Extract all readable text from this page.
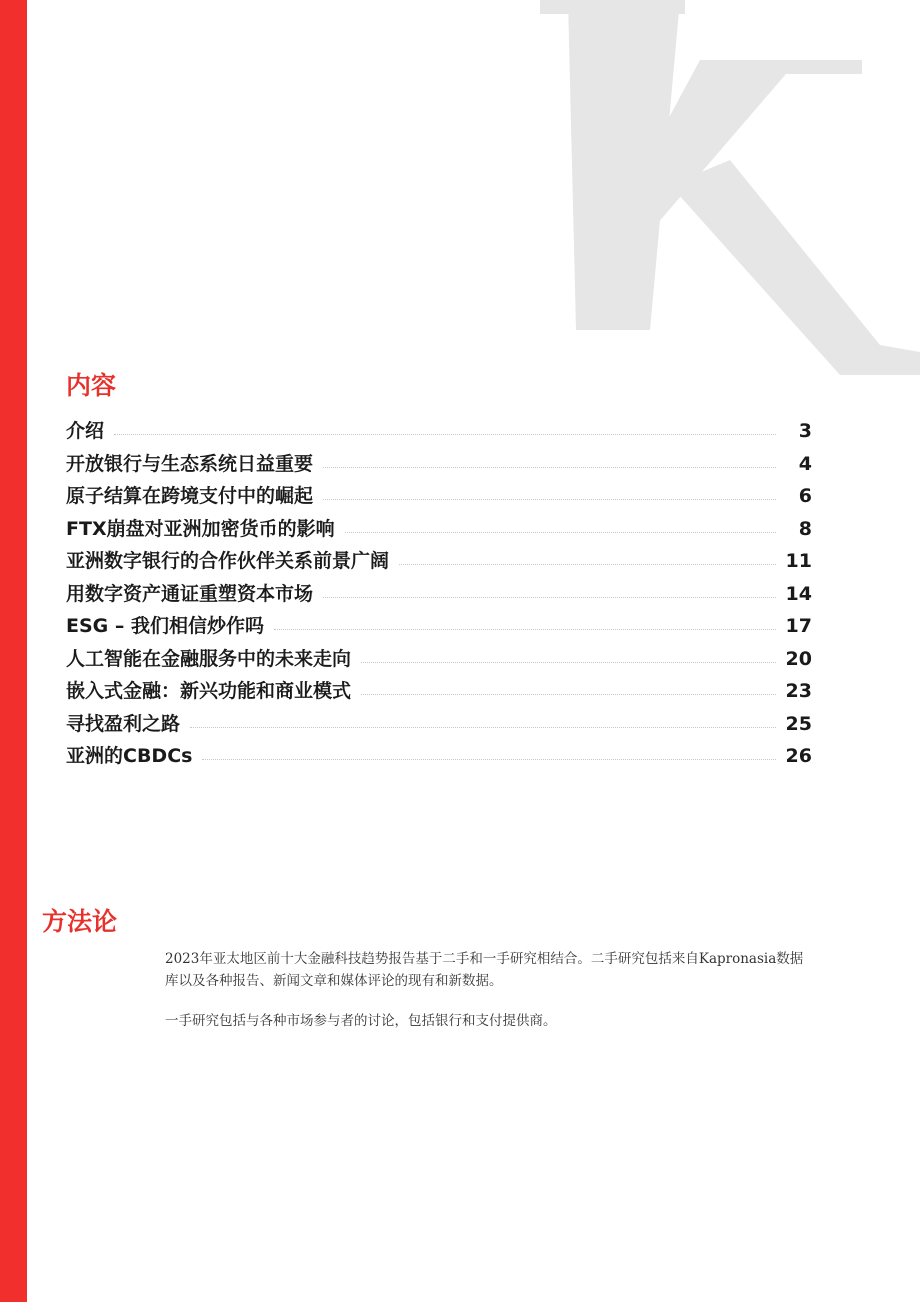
内容
介绍	3
开放银行与生态系统日益重要	4
原子结算在跨境支付中的崛起	6
FTX崩盘对亚洲加密货币的影响	8
亚洲数字银行的合作伙伴关系前景广阔	11
用数字资产通证重塑资本市场	14
ESG – 我们相信炒作吗	17
人工智能在金融服务中的未来走向	20
嵌入式金融：新兴功能和商业模式	23
寻找盈利之路	25
亚洲的CBDCs	26
方法论

2023年亚太地区前十大金融科技趋势报告基于二手和一手研究相结合。二手研究包括来自Kapronasia数据库以及各种报告、新闻文章和媒体评论的现有和新数据。

一手研究包括与各种市场参与者的讨论，包括银行和支付提供商。
